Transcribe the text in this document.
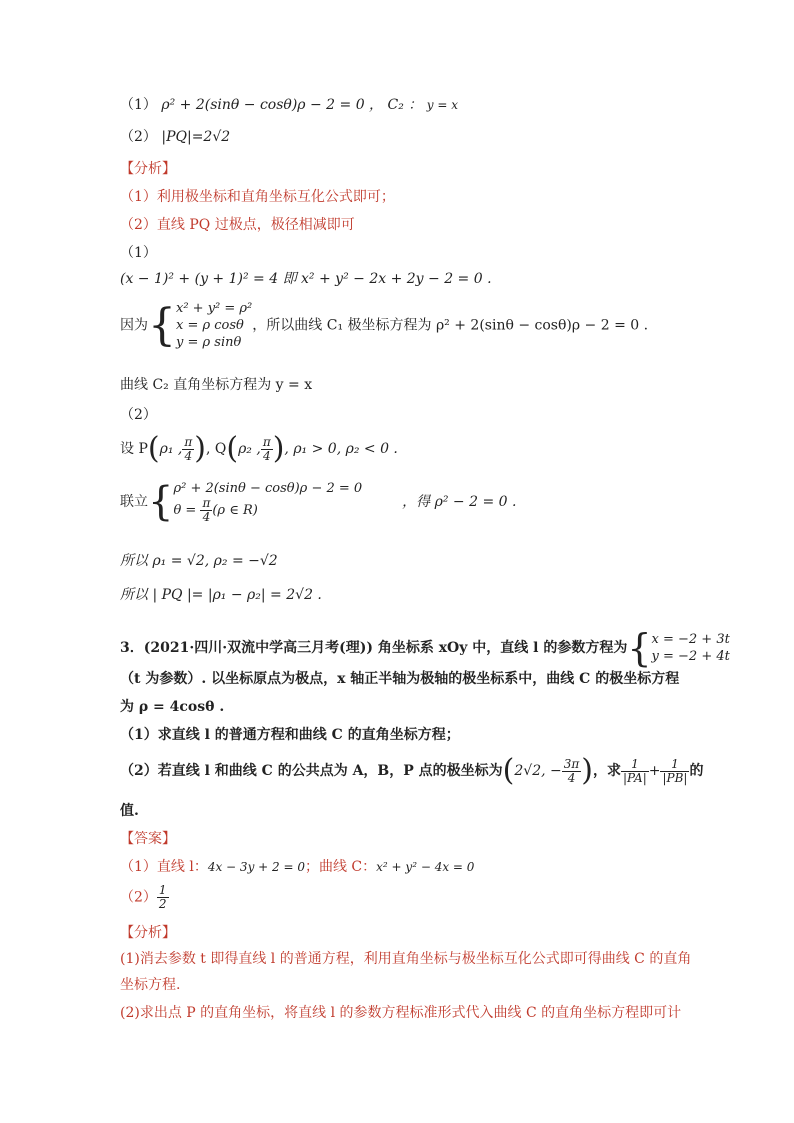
（1） ρ² + 2(sinθ − cosθ)ρ − 2 = 0 ， C₂ ： y = x
（2） |PQ|=2√2
【分析】
（1）利用极坐标和直角坐标互化公式即可；
（2）直线 PQ 过极点，极径相减即可
（1）
(x − 1)² + (y + 1)² = 4 即 x² + y² − 2x + 2y − 2 = 0 .
因为{ x² + y² = ρ²
x = ρ cosθ
y = ρ sinθ
，所以曲线 C₁ 极坐标方程为 ρ² + 2(sinθ − cosθ)ρ − 2 = 0 .
曲线 C₂ 直角坐标方程为 y = x
（2）
设 P(ρ₁ , $\frac{\pi}{4}$ ), Q(ρ₂ , $\frac{\pi}{4}$ ), ρ₁ > 0, ρ₂ < 0 .
联立{ ρ² + 2(sinθ − cosθ)ρ − 2 = 0
$\theta = \frac{\pi}{4} (\rho$ ∈ R)
，得 ρ² − 2 = 0 .
所以 ρ₁ = √2, ρ₂ = −√2
所以 | PQ |= |ρ₁ − ρ₂| = 2√2 .
3．(2021·四川·双流中学高三月考(理)) 角坐标系 xOy 中，直线 l 的参数方程为{ x = −2 + 3t
y = −2 + 4t
（t 为参数）. 以坐标原点为极点，x 轴正半轴为极轴的极坐标系中，曲线 C 的极坐标方程
为 ρ = 4cosθ .
（1）求直线 l 的普通方程和曲线 C 的直角坐标方程；
（2）若直线 l 和曲线 C 的公共点为 A，B，P 点的极坐标为(2√2, − $\frac{3\pi}{4}$ )，求 $\frac{1}{|PA|} + \frac{1}{|PB|}$ 的
值.
【答案】
（1）直线 l：4x − 3y + 2 = 0；曲线 C：x² + y² − 4x = 0
$(2) \frac{1}{2}$
【分析】
(1)消去参数 t 即得直线 l 的普通方程，利用直角坐标与极坐标互化公式即可得曲线 C 的直角
坐标方程.
(2)求出点 P 的直角坐标，将直线 l 的参数方程标准形式代入曲线 C 的直角坐标方程即可计
